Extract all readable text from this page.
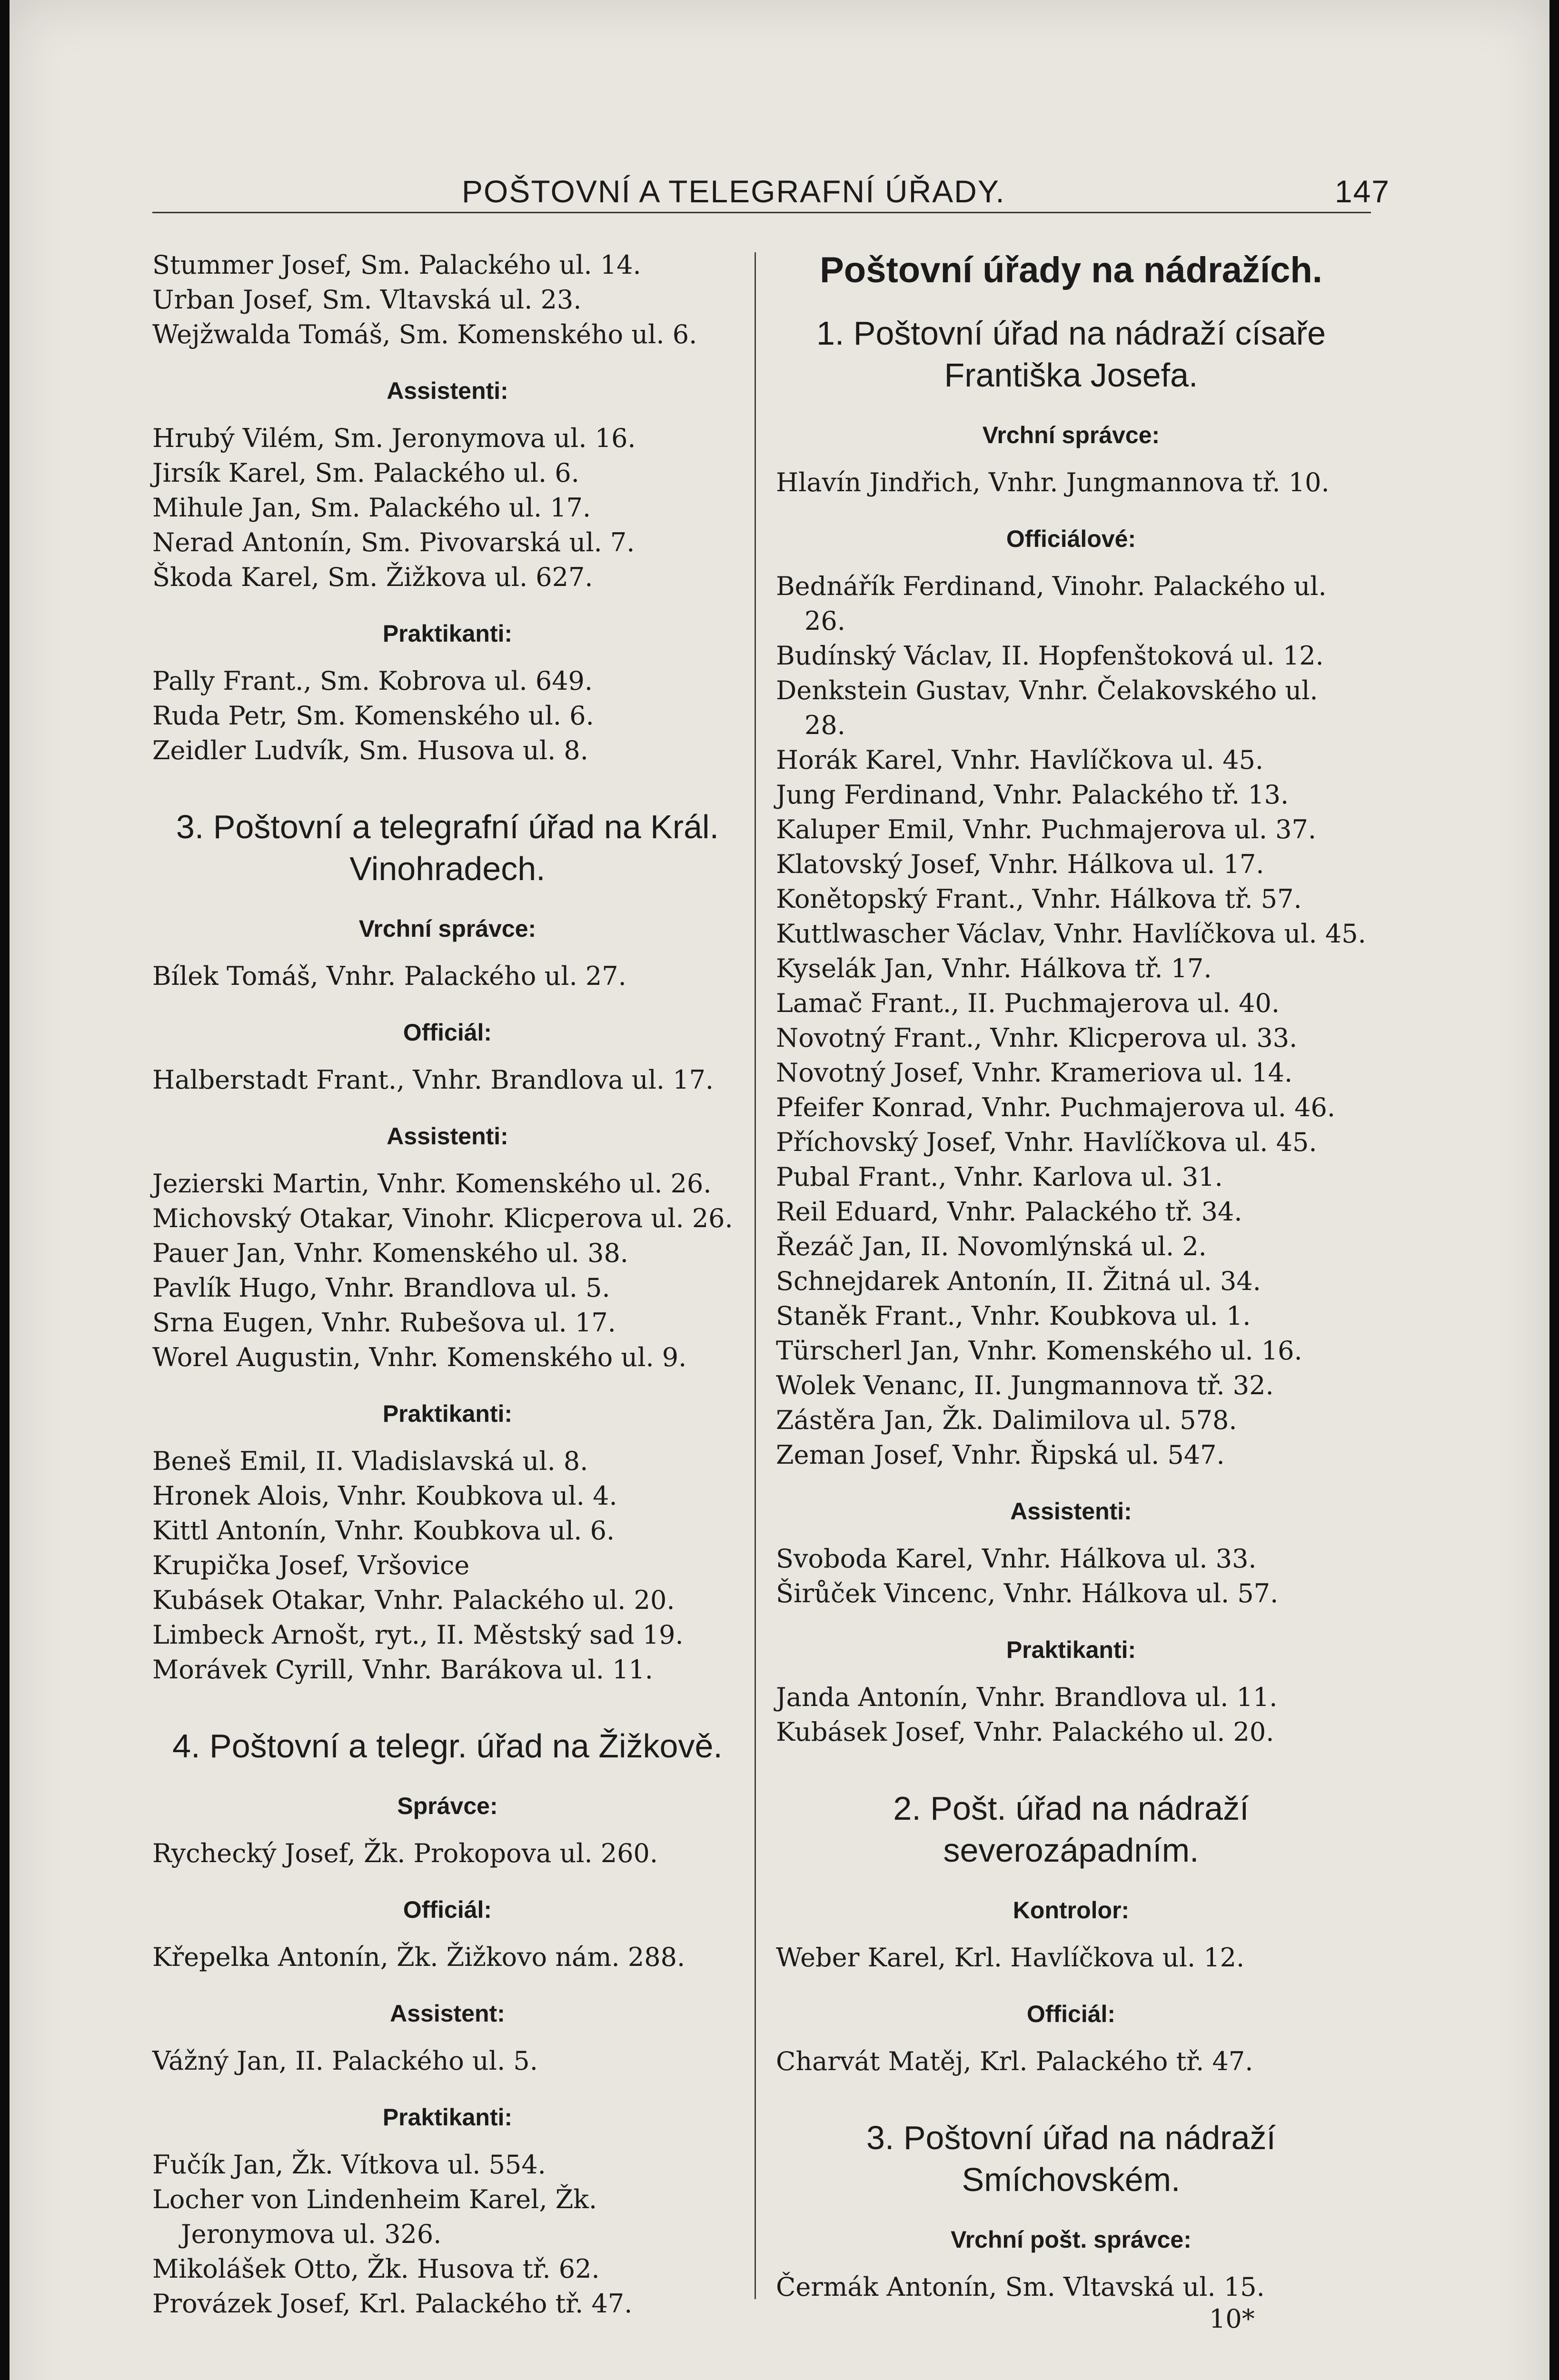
POŠTOVNÍ A TELEGRAFNÍ ÚŘADY.	147
Stummer Josef, Sm. Palackého ul. 14.
Urban Josef, Sm. Vltavská ul. 23.
Wejžwalda Tomáš, Sm. Komenského ul. 6.
Assistenti:
Hrubý Vilém, Sm. Jeronymova ul. 16.
Jirsík Karel, Sm. Palackého ul. 6.
Mihule Jan, Sm. Palackého ul. 17.
Nerad Antonín, Sm. Pivovarská ul. 7.
Škoda Karel, Sm. Žižkova ul. 627.
Praktikanti:
Pally Frant., Sm. Kobrova ul. 649.
Ruda Petr, Sm. Komenského ul. 6.
Zeidler Ludvík, Sm. Husova ul. 8.
3. Poštovní a telegrafní úřad na Král. Vinohradech.
Vrchní správce:
Bílek Tomáš, Vnhr. Palackého ul. 27.
Officiál:
Halberstadt Frant., Vnhr. Brandlova ul. 17.
Assistenti:
Jezierski Martin, Vnhr. Komenského ul. 26.
Michovský Otakar, Vinohr. Klicperova ul. 26.
Pauer Jan, Vnhr. Komenského ul. 38.
Pavlík Hugo, Vnhr. Brandlova ul. 5.
Srna Eugen, Vnhr. Rubešova ul. 17.
Worel Augustin, Vnhr. Komenského ul. 9.
Praktikanti:
Beneš Emil, II. Vladislavská ul. 8.
Hronek Alois, Vnhr. Koubkova ul. 4.
Kittl Antonín, Vnhr. Koubkova ul. 6.
Krupička Josef, Vršovice
Kubásek Otakar, Vnhr. Palackého ul. 20.
Limbeck Arnošt, ryt., II. Městský sad 19.
Morávek Cyrill, Vnhr. Barákova ul. 11.
4. Poštovní a telegr. úřad na Žižkově.
Správce:
Rychecký Josef, Žk. Prokopova ul. 260.
Officiál:
Křepelka Antonín, Žk. Žižkovo nám. 288.
Assistent:
Vážný Jan, II. Palackého ul. 5.
Praktikanti:
Fučík Jan, Žk. Vítkova ul. 554.
Locher von Lindenheim Karel, Žk. Jeronymova ul. 326.
Mikolášek Otto, Žk. Husova tř. 62.
Provázek Josef, Krl. Palackého tř. 47.
Poštovní úřady na nádražích.
1. Poštovní úřad na nádraží císaře Františka Josefa.
Vrchní správce:
Hlavín Jindřich, Vnhr. Jungmannova tř. 10.
Officiálové:
Bednářík Ferdinand, Vinohr. Palackého ul. 26.
Budínský Václav, II. Hopfenštoková ul. 12.
Denkstein Gustav, Vnhr. Čelakovského ul. 28.
Horák Karel, Vnhr. Havlíčkova ul. 45.
Jung Ferdinand, Vnhr. Palackého tř. 13.
Kaluper Emil, Vnhr. Puchmajerova ul. 37.
Klatovský Josef, Vnhr. Hálkova ul. 17.
Konětopský Frant., Vnhr. Hálkova tř. 57.
Kuttlwascher Václav, Vnhr. Havlíčkova ul. 45.
Kyselák Jan, Vnhr. Hálkova tř. 17.
Lamač Frant., II. Puchmajerova ul. 40.
Novotný Frant., Vnhr. Klicperova ul. 33.
Novotný Josef, Vnhr. Krameriova ul. 14.
Pfeifer Konrad, Vnhr. Puchmajerova ul. 46.
Příchovský Josef, Vnhr. Havlíčkova ul. 45.
Pubal Frant., Vnhr. Karlova ul. 31.
Reil Eduard, Vnhr. Palackého tř. 34.
Řezáč Jan, II. Novomlýnská ul. 2.
Schnejdarek Antonín, II. Žitná ul. 34.
Staněk Frant., Vnhr. Koubkova ul. 1.
Türscherl Jan, Vnhr. Komenského ul. 16.
Wolek Venanc, II. Jungmannova tř. 32.
Zástěra Jan, Žk. Dalimilova ul. 578.
Zeman Josef, Vnhr. Řipská ul. 547.
Assistenti:
Svoboda Karel, Vnhr. Hálkova ul. 33.
Širůček Vincenc, Vnhr. Hálkova ul. 57.
Praktikanti:
Janda Antonín, Vnhr. Brandlova ul. 11.
Kubásek Josef, Vnhr. Palackého ul. 20.
2. Pošt. úřad na nádraží severozápadním.
Kontrolor:
Weber Karel, Krl. Havlíčkova ul. 12.
Officiál:
Charvát Matěj, Krl. Palackého tř. 47.
3. Poštovní úřad na nádraží Smíchovském.
Vrchní pošt. správce:
Čermák Antonín, Sm. Vltavská ul. 15.
10*
